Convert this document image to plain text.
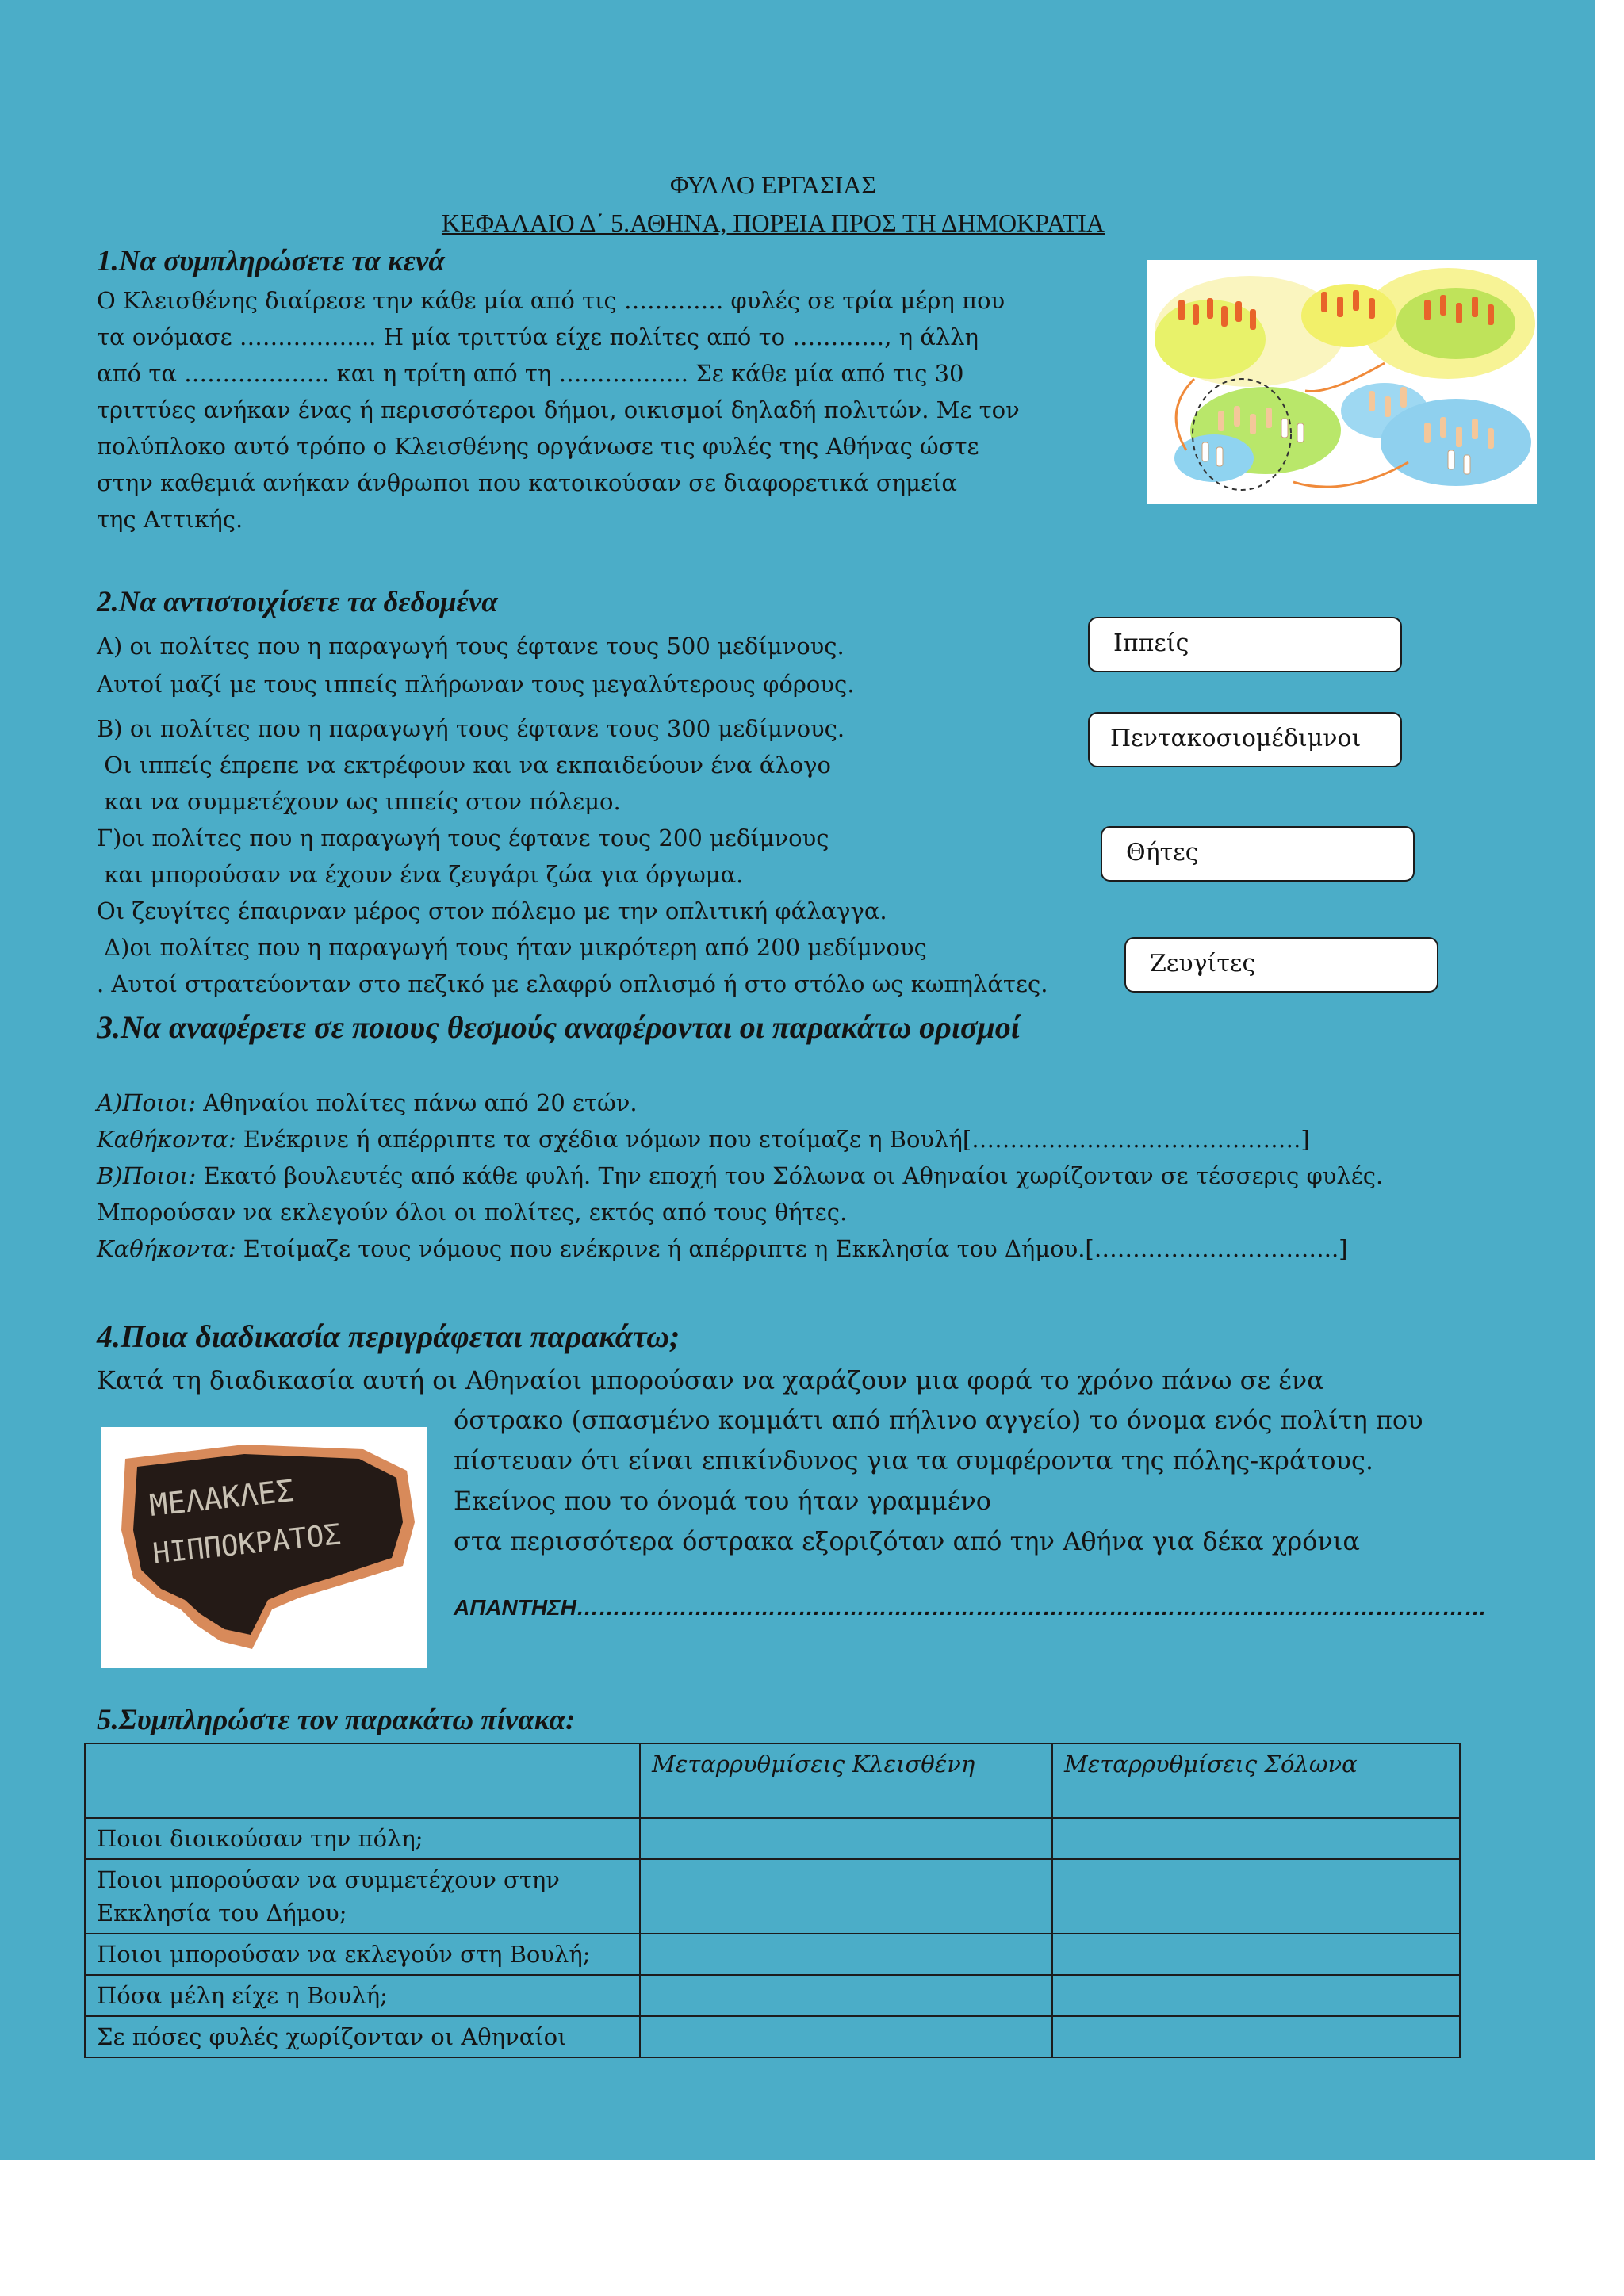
ΦΥΛΛΟ ΕΡΓΑΣΙΑΣ
ΚΕΦΑΛΑΙΟ Δ΄ 5.ΑΘΗΝΑ, ΠΟΡΕΙΑ ΠΡΟΣ ΤΗ ΔΗΜΟΚΡΑΤΙΑ
1.Να συμπληρώσετε τα κενά
Ο Κλεισθένης διαίρεσε την κάθε μία από τις …………. φυλές σε τρία μέρη που
τα ονόμασε ……………... Η μία τριττύα είχε πολίτες από το …………, η άλλη
από τα ………………. και η τρίτη από τη …………….. Σε κάθε μία από τις 30
τριττύες ανήκαν ένας ή περισσότεροι δήμοι, οικισμοί δηλαδή πολιτών. Με τον
πολύπλοκο αυτό τρόπο ο Κλεισθένης οργάνωσε τις φυλές της Αθήνας ώστε
στην καθεμιά ανήκαν άνθρωποι που κατοικούσαν σε διαφορετικά σημεία
της Αττικής.
2.Να αντιστοιχίσετε τα δεδομένα
Α) οι πολίτες που η παραγωγή τους έφτανε τους 500 μεδίμνους.
Αυτοί μαζί με τους ιππείς πλήρωναν τους μεγαλύτερους φόρους.
Β) οι πολίτες που η παραγωγή τους έφτανε τους 300 μεδίμνους.
Οι ιππείς έπρεπε να εκτρέφουν και να εκπαιδεύουν ένα άλογο
και να συμμετέχουν ως ιππείς στον πόλεμο.
Γ)οι πολίτες που η παραγωγή τους έφτανε τους 200 μεδίμνους
και μπορούσαν να έχουν ένα ζευγάρι ζώα για όργωμα.
Οι ζευγίτες έπαιρναν μέρος στον πόλεμο με την οπλιτική φάλαγγα.
Δ)οι πολίτες που η παραγωγή τους ήταν μικρότερη από 200 μεδίμνους
. Αυτοί στρατεύονταν στο πεζικό με ελαφρύ οπλισμό ή στο στόλο ως κωπηλάτες.
Ιππείς
Πεντακοσιομέδιμνοι
Θήτες
Ζευγίτες
3.Να αναφέρετε σε ποιους θεσμούς αναφέρονται οι παρακάτω ορισμοί
Α)Ποιοι: Αθηναίοι πολίτες πάνω από 20 ετών.
Καθήκοντα: Ενέκρινε ή απέρριπτε τα σχέδια νόμων που ετοίμαζε η Βουλή[…………………………………….]
Β)Ποιοι: Εκατό βουλευτές από κάθε φυλή. Την εποχή του Σόλωνα οι Αθηναίοι χωρίζονταν σε τέσσερις φυλές.
Μπορούσαν να εκλεγούν όλοι οι πολίτες, εκτός από τους θήτες.
Καθήκοντα: Ετοίμαζε τους νόμους που ενέκρινε ή απέρριπτε η Εκκλησία του Δήμου.[…………………………..]
4.Ποια διαδικασία περιγράφεται παρακάτω;
Κατά τη διαδικασία αυτή οι Αθηναίοι μπορούσαν να χαράζουν μια φορά το χρόνο πάνω σε ένα
όστρακο (σπασμένο κομμάτι από πήλινο αγγείο) το όνομα ενός πολίτη που
πίστευαν ότι είναι επικίνδυνος για τα συμφέροντα της πόλης-κράτους.
Εκείνος που το όνομά του ήταν γραμμένο
στα περισσότερα όστρακα εξοριζόταν από την Αθήνα για δέκα χρόνια
ΑΠΑΝΤΗΣΗ……………………………………………………………………………………………………………
ΜΕΛΑΚΛΕΣ
ΗΙΠΠΟΚΡΑΤΟΣ
5.Συμπληρώστε τον παρακάτω πίνακα:
	Μεταρρυθμίσεις Κλεισθένη	Μεταρρυθμίσεις Σόλωνα
Ποιοι διοικούσαν την πόλη;		
Ποιοι μπορούσαν να συμμετέχουν στην Εκκλησία του Δήμου;		
Ποιοι μπορούσαν να εκλεγούν στη Βουλή;		
Πόσα μέλη είχε η Βουλή;		
Σε πόσες φυλές χωρίζονταν οι Αθηναίοι		
